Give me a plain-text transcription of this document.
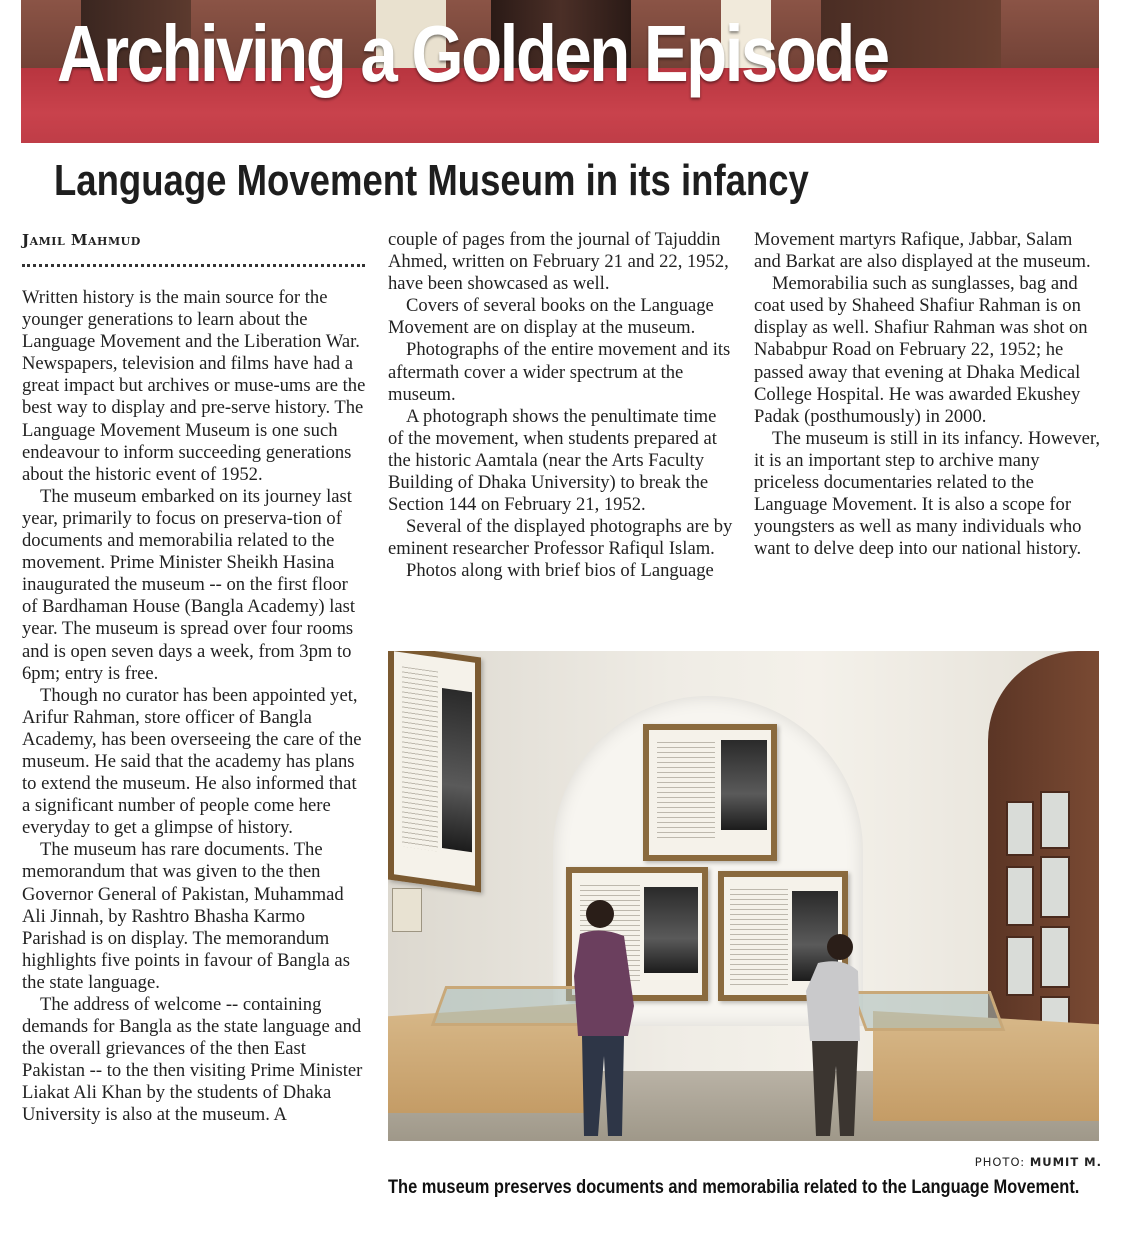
Archiving a Golden Episode
Language Movement Museum in its infancy
Jamil Mahmud

Written history is the main source for the younger generations to learn about the Language Movement and the Liberation War. Newspapers, television and films have had a great impact but archives or muse-ums are the best way to display and pre-serve history. The Language Movement Museum is one such endeavour to inform succeeding generations about the historic event of 1952.

The museum embarked on its journey last year, primarily to focus on preserva-tion of documents and memorabilia related to the movement. Prime Minister Sheikh Hasina inaugurated the museum -- on the first floor of Bardhaman House (Bangla Academy) last year. The museum is spread over four rooms and is open seven days a week, from 3pm to 6pm; entry is free.

Though no curator has been appointed yet, Arifur Rahman, store officer of Bangla Academy, has been overseeing the care of the museum. He said that the academy has plans to extend the museum. He also informed that a significant number of people come here everyday to get a glimpse of history.

The museum has rare documents. The memorandum that was given to the then Governor General of Pakistan, Muhammad Ali Jinnah, by Rashtro Bhasha Karmo Parishad is on display. The memorandum highlights five points in favour of Bangla as the state language.

The address of welcome -- containing demands for Bangla as the state language and the overall grievances of the then East Pakistan -- to the then visiting Prime Minister Liakat Ali Khan by the students of Dhaka University is also at the museum. A

couple of pages from the journal of Tajuddin Ahmed, written on February 21 and 22, 1952, have been showcased as well.

Covers of several books on the Language Movement are on display at the museum.

Photographs of the entire movement and its aftermath cover a wider spectrum at the museum.

A photograph shows the penultimate time of the movement, when students prepared at the historic Aamtala (near the Arts Faculty Building of Dhaka University) to break the Section 144 on February 21, 1952.

Several of the displayed photographs are by eminent researcher Professor Rafiqul Islam.

Photos along with brief bios of Language

Movement martyrs Rafique, Jabbar, Salam and Barkat are also displayed at the museum.

Memorabilia such as sunglasses, bag and coat used by Shaheed Shafiur Rahman is on display as well. Shafiur Rahman was shot on Nababpur Road on February 22, 1952; he passed away that evening at Dhaka Medical College Hospital. He was awarded Ekushey Padak (posthumously) in 2000.

The museum is still in its infancy. However, it is an important step to archive many priceless documentaries related to the Language Movement. It is also a scope for youngsters as well as many individuals who want to delve deep into our national history.

PHOTO: MUMIT M.
The museum preserves documents and memorabilia related to the Language Movement.
